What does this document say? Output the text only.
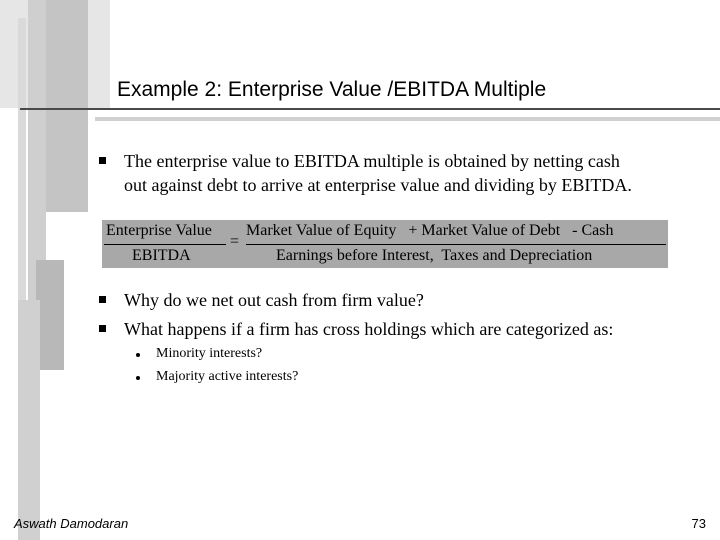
Example 2: Enterprise Value /EBITDA Multiple
The enterprise value to EBITDA multiple is obtained by netting cash
out against debt to arrive at enterprise value and dividing by EBITDA.
Enterprise Value
EBITDA
=
Market Value of Equity   + Market Value of Debt   - Cash
Earnings before Interest,  Taxes and Depreciation
Why do we net out cash from firm value?
What happens if a firm has cross holdings which are categorized as:
Minority interests?
Majority active interests?
Aswath Damodaran	73
